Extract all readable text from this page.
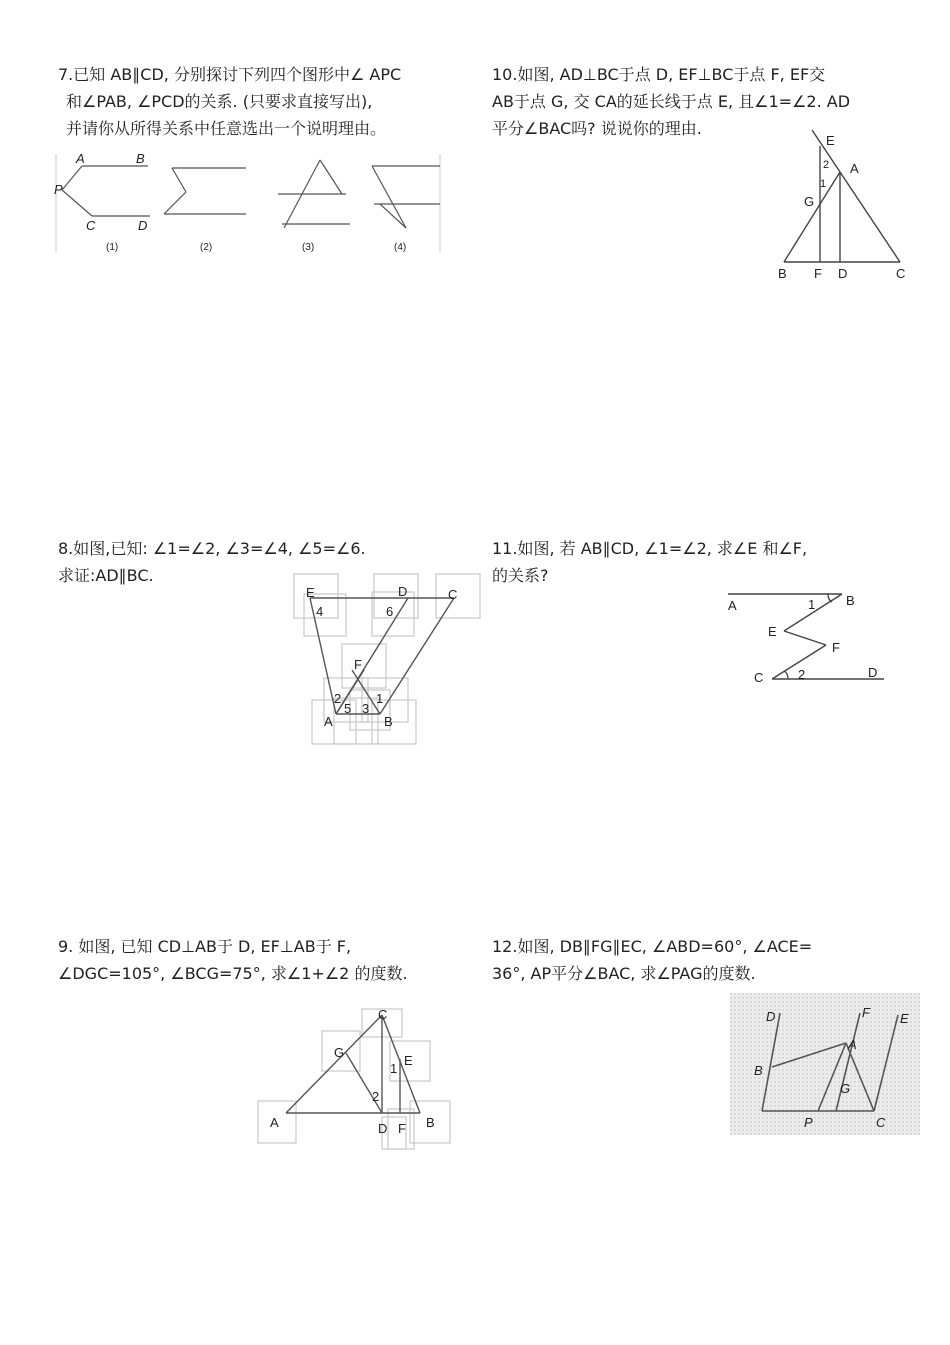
7.已知 AB∥CD, 分别探讨下列四个图形中∠ APC

和∠PAB, ∠PCD的关系. (只要求直接写出),

并请你从所得关系中任意选出一个说明理由。

A	B
P
C	D
(1)	(2)	(3)	(4)

10.如图, AD⊥BC于点 D, EF⊥BC于点 F, EF交

AB于点 G, 交 CA的延长线于点 E, 且∠1=∠2. AD

平分∠BAC吗? 说说你的理由.

E
A
G
B F D	C
1
2

8.如图,已知: ∠1=∠2, ∠3=∠4, ∠5=∠6.

求证:AD∥BC.

E	D	C
F
A	B
1
2
3
4
5
6

11.如图, 若 AB∥CD, ∠1=∠2, 求∠E 和∠F,

的关系?

A	B
E
F
C	D
1
2

9. 如图, 已知 CD⊥AB于 D, EF⊥AB于 F,

∠DGC=105°, ∠BCG=75°, 求∠1+∠2 的度数.

C
G
E
1
2
A	D F B

12.如图, DB∥FG∥EC, ∠ABD=60°, ∠ACE=

36°, AP平分∠BAC, 求∠PAG的度数.

D	F E
A
B
G
P	C
